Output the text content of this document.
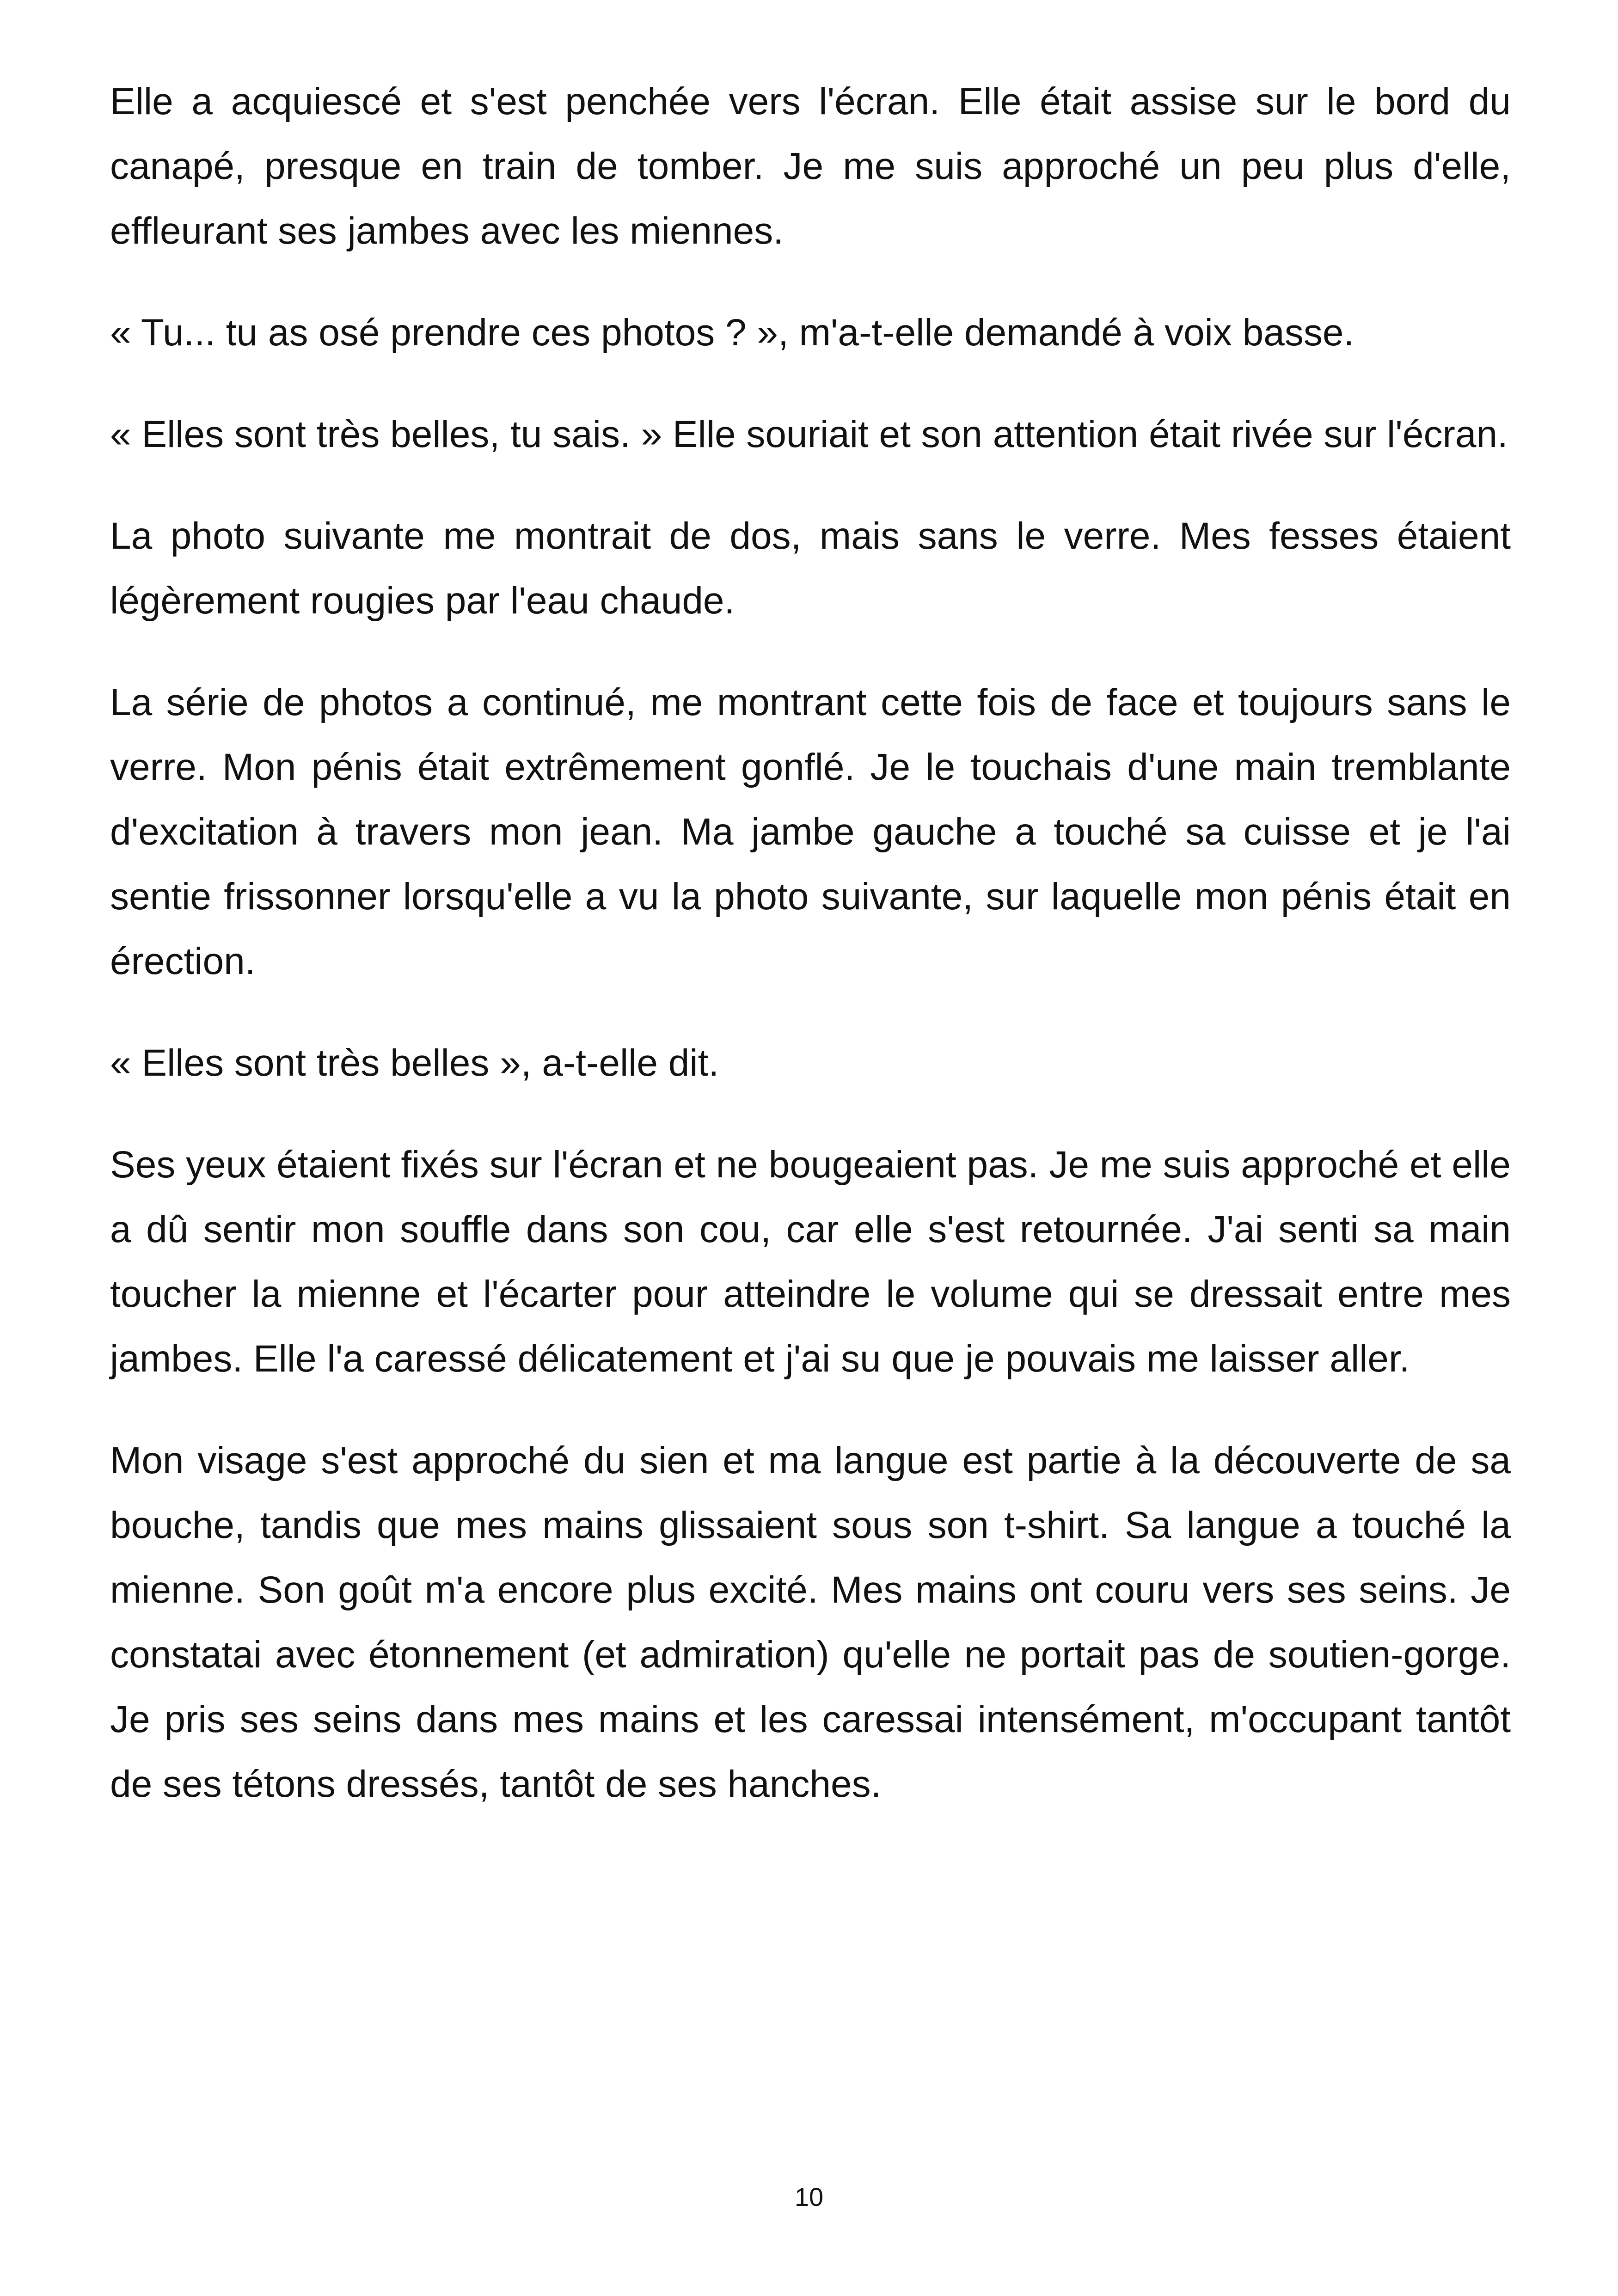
Elle a acquiescé et s'est penchée vers l'écran. Elle était assise sur le bord du canapé, presque en train de tomber. Je me suis approché un peu plus d'elle, effleurant ses jambes avec les miennes.

« Tu... tu as osé prendre ces photos ? », m'a-t-elle demandé à voix basse.

« Elles sont très belles, tu sais. » Elle souriait et son attention était rivée sur l'écran.

La photo suivante me montrait de dos, mais sans le verre. Mes fesses étaient légèrement rougies par l'eau chaude.

La série de photos a continué, me montrant cette fois de face et toujours sans le verre. Mon pénis était extrêmement gonflé. Je le touchais d'une main tremblante d'excitation à travers mon jean. Ma jambe gauche a touché sa cuisse et je l'ai sentie frissonner lorsqu'elle a vu la photo suivante, sur laquelle mon pénis était en érection.

« Elles sont très belles », a-t-elle dit.

Ses yeux étaient fixés sur l'écran et ne bougeaient pas. Je me suis approché et elle a dû sentir mon souffle dans son cou, car elle s'est retournée. J'ai senti sa main toucher la mienne et l'écarter pour atteindre le volume qui se dressait entre mes jambes. Elle l'a caressé délicatement et j'ai su que je pouvais me laisser aller.

Mon visage s'est approché du sien et ma langue est partie à la découverte de sa bouche, tandis que mes mains glissaient sous son t-shirt. Sa langue a touché la mienne. Son goût m'a encore plus excité. Mes mains ont couru vers ses seins. Je constatai avec étonnement (et admiration) qu'elle ne portait pas de soutien-gorge. Je pris ses seins dans mes mains et les caressai intensément, m'occupant tantôt de ses tétons dressés, tantôt de ses hanches.

10
